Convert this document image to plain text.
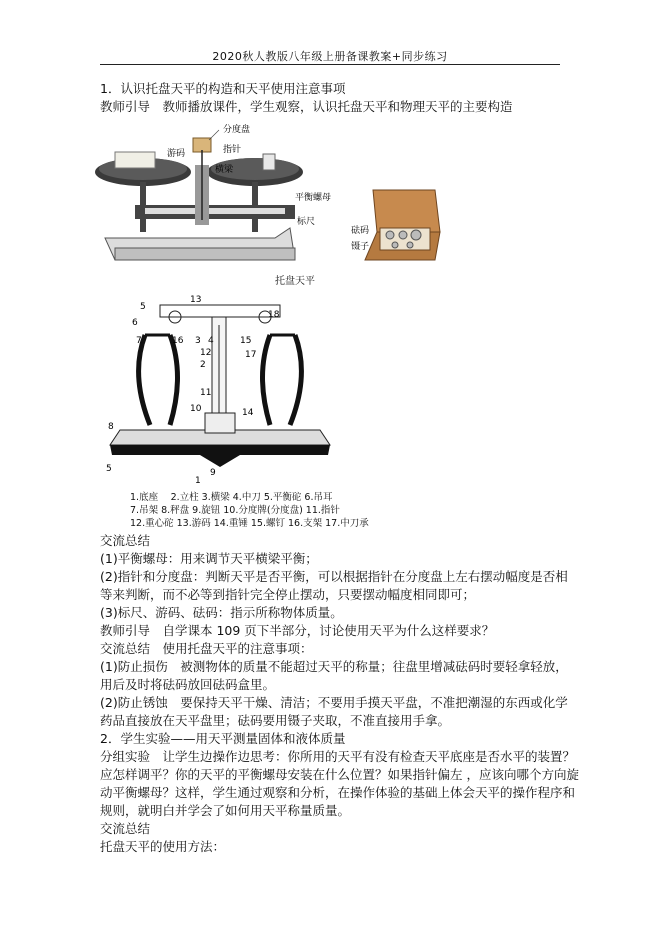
2020秋人教版八年级上册备课教案+同步练习
1．认识托盘天平的构造和天平使用注意事项
教师引导　教师播放课件，学生观察，认识托盘天平和物理天平的主要构造
分度盘
游码	指针
横梁
平衡螺母
标尺
砝码
镊子
托盘天平
13
5
6
7	16 3 4	15
18
12
2
17
11
10	14
8
5
1
9
1.底座 　2.立柱 3.横梁 4.中刀 5.平衡砣 6.吊耳
7.吊架 8.秤盘 9.旋钮 10.分度牌(分度盘) 11.指针
12.重心砣 13.游码 14.重锤 15.螺钉 16.支架 17.中刀承
交流总结
(1)平衡螺母：用来调节天平横梁平衡；
(2)指针和分度盘：判断天平是否平衡，可以根据指针在分度盘上左右摆动幅度是否相
等来判断，而不必等到指针完全停止摆动，只要摆动幅度相同即可；
(3)标尺、游码、砝码：指示所称物体质量。
教师引导　自学课本 109 页下半部分，讨论使用天平为什么这样要求？
交流总结　使用托盘天平的注意事项：
(1)防止损伤　被测物体的质量不能超过天平的称量；往盘里增减砝码时要轻拿轻放，
用后及时将砝码放回砝码盒里。
(2)防止锈蚀　要保持天平干燥、清洁；不要用手摸天平盘，不准把潮湿的东西或化学
药品直接放在天平盘里；砝码要用镊子夹取，不准直接用手拿。
2．学生实验——用天平测量固体和液体质量
分组实验　让学生边操作边思考：你所用的天平有没有检查天平底座是否水平的装置？
应怎样调平？你的天平的平衡螺母安装在什么位置？如果指针偏左 ，应该向哪个方向旋
动平衡螺母？这样，学生通过观察和分析，在操作体验的基础上体会天平的操作程序和
规则，就明白并学会了如何用天平称量质量。
交流总结
托盘天平的使用方法：
